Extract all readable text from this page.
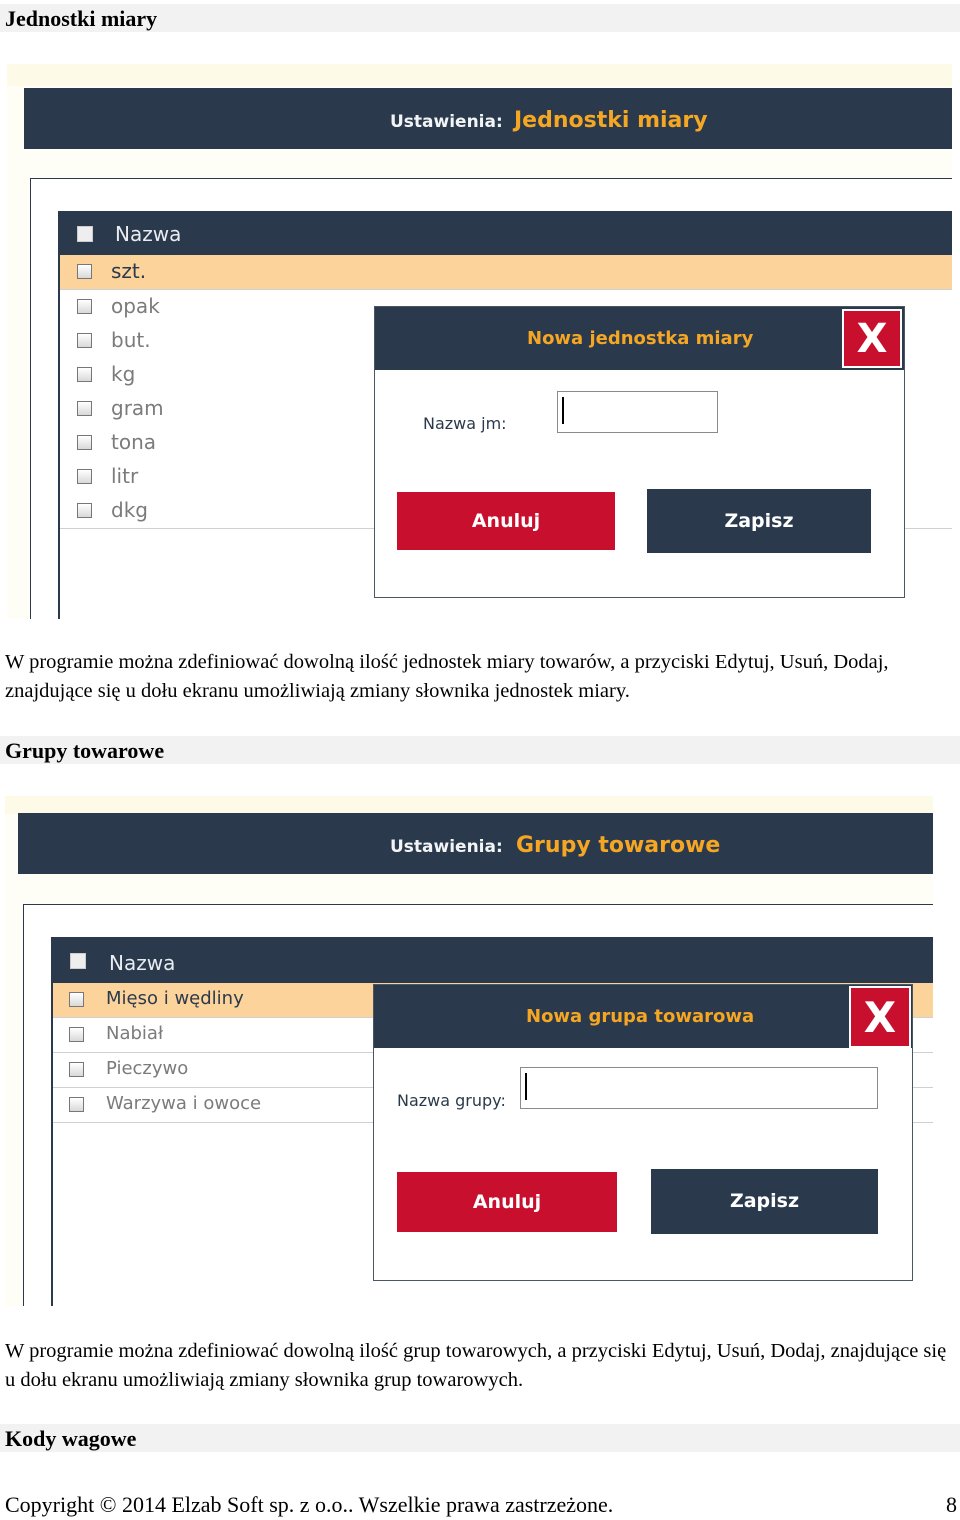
Jednostki miary
Ustawienia: Jednostki miary
Nazwa
szt.
opak
but.
kg
gram
tona
litr
dkg
Nowa jednostka miary	X
Nazwa jm:
Anuluj	Zapisz
W programie można zdefiniować dowolną ilość jednostek miary towarów, a przyciski Edytuj, Usuń, Dodaj, znajdujące się u dołu ekranu umożliwiają zmiany słownika jednostek miary.
Grupy towarowe
Ustawienia: Grupy towarowe
Nazwa
Mięso i wędliny
Nabiał
Pieczywo
Warzywa i owoce
Nowa grupa towarowa	X
Nazwa grupy:
Anuluj	Zapisz
W programie można zdefiniować dowolną ilość grup towarowych, a przyciski Edytuj, Usuń, Dodaj, znajdujące się u dołu ekranu umożliwiają zmiany słownika grup towarowych.
Kody wagowe
Copyright © 2014 Elzab Soft sp. z o.o.. Wszelkie prawa zastrzeżone.	8
